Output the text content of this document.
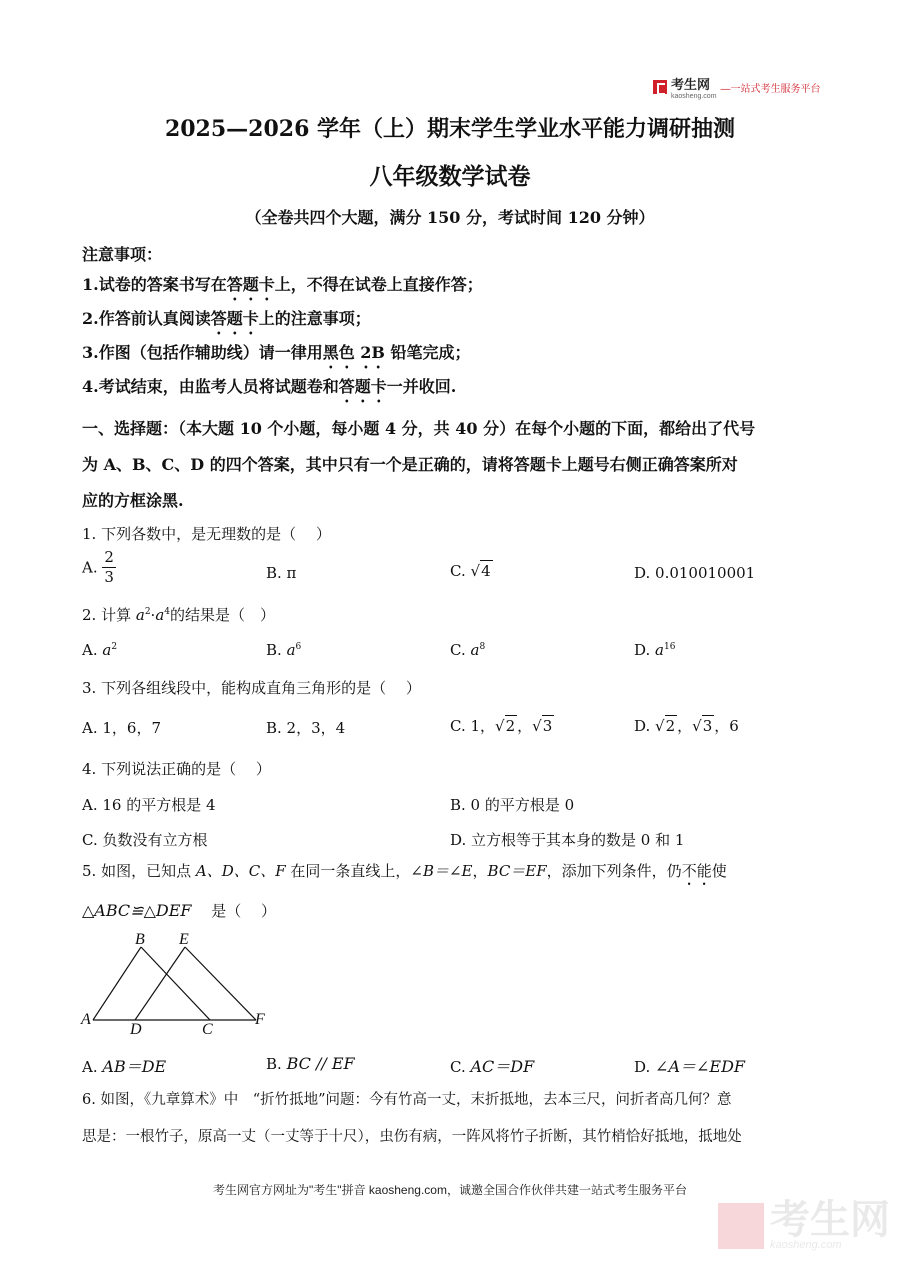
考生网
kaosheng.com
—一站式考生服务平台
2025—2026 学年（上）期末学生学业水平能力调研抽测
八年级数学试卷
（全卷共四个大题，满分 150 分，考试时间 120 分钟）
注意事项：
1.试卷的答案书写在答题卡上，不得在试卷上直接作答；
2.作答前认真阅读答题卡上的注意事项；
3.作图（包括作辅助线）请一律用黑色 2B 铅笔完成；
4.考试结束，由监考人员将试题卷和答题卡一并收回.
一、选择题：（本大题 10 个小题，每小题 4 分，共 40 分）在每个小题的下面，都给出了代号
为 A、B、C、D 的四个答案，其中只有一个是正确的，请将答题卡上题号右侧正确答案所对
应的方框涂黑.
1. 下列各数中，是无理数的是（　 ）
A. $\frac{2}{3}$	B. π	C. √4	D. 0.010010001
2. 计算 $a^2\cdot a^4$的结果是（　）
A. $a^2$	B. $a^6$	C. $a^8$	D. $a^{16}$
3. 下列各组线段中，能构成直角三角形的是（　 ）
A. 1，6，7	B. 2，3，4	C. 1，√2 ，√3	D. √2 ，√3 ，6
4. 下列说法正确的是（　 ）
A. 16 的平方根是 4	B. 0 的平方根是 0
C. 负数没有立方根	D. 立方根等于其本身的数是 0 和 1
5. 如图，已知点 A、D、C、F 在同一条直线上，∠B＝∠E，BC＝EF，添加下列条件，仍不能使
△ABC≌△DEF　 是（　 ）
B E
A
D	C
F
A. AB＝DE	B. BC // EF	C. AC＝DF	D. ∠A＝∠EDF
6. 如图，《九章算术》中　“折竹抵地”问题：今有竹高一丈，末折抵地，去本三尺，问折者高几何？意
思是：一根竹子，原高一丈（一丈等于十尺），虫伤有病，一阵风将竹子折断，其竹梢恰好抵地，抵地处
考生网官方网址为"考生"拼音 kaosheng.com，诚邀全国合作伙伴共建一站式考生服务平台
考生网
kaosheng.com
